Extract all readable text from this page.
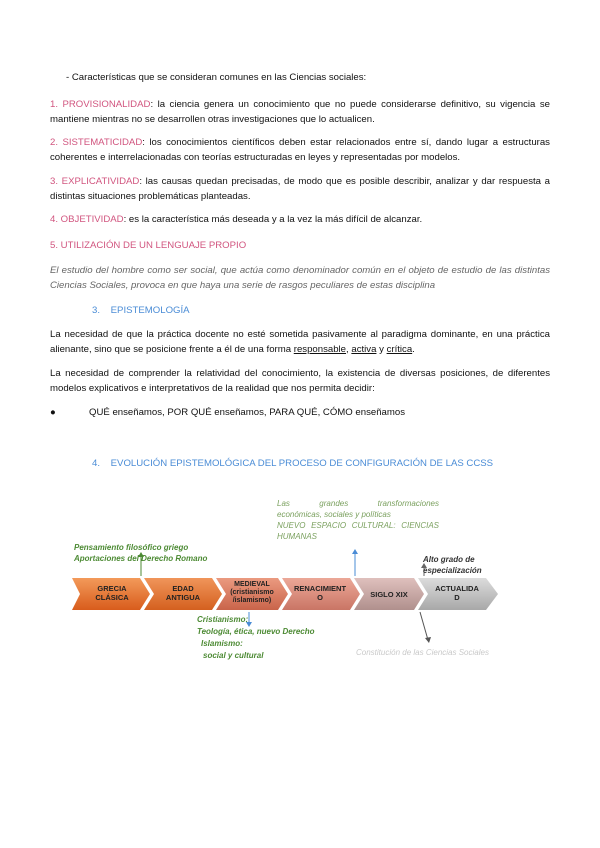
- Características que se consideran comunes en las Ciencias sociales:
1. PROVISIONALIDAD: la ciencia genera un conocimiento que no puede considerarse definitivo, su vigencia se mantiene mientras no se desarrollen otras investigaciones que lo actualicen.
2. SISTEMATICIDAD: los conocimientos científicos deben estar relacionados entre sí, dando lugar a estructuras coherentes e interrelacionadas con teorías estructuradas en leyes y representadas por modelos.
3. EXPLICATIVIDAD: las causas quedan precisadas, de modo que es posible describir, analizar y dar respuesta a distintas situaciones problemáticas planteadas.
4. OBJETIVIDAD: es la característica más deseada y a la vez la más difícil de alcanzar.
5. UTILIZACIÓN DE UN LENGUAJE PROPIO
El estudio del hombre como ser social, que actúa como denominador común en el objeto de estudio de las distintas Ciencias Sociales, provoca en que haya una serie de rasgos peculiares de estas disciplina
3.    EPISTEMOLOGÍA
La necesidad de que la práctica docente no esté sometida pasivamente al paradigma dominante, en una práctica alienante, sino que se posicione frente a él de una forma responsable, activa y crítica.
La necesidad de comprender la relatividad del conocimiento, la existencia de diversas posiciones, de diferentes modelos explicativos e interpretativos de la realidad que nos permita decidir:
●	QUÉ enseñamos, POR QUÉ enseñamos, PARA QUÉ, CÓMO enseñamos
4.    EVOLUCIÓN EPISTEMOLÓGICA DEL PROCESO DE CONFIGURACIÓN DE LAS CCSS
GRECIA CLÁSICA
EDAD ANTIGUA
MEDIEVAL (cristianismo /islamismo)
RENACIMIENT O	SIGLO XIX
ACTUALIDA D
Pensamiento filosófico griego
Aportaciones del Derecho Romano
Las grandes transformaciones
económicas, sociales y políticas
NUEVO ESPACIO CULTURAL: CIENCIAS
HUMANAS
Alto grado de
especialización
Cristianismo:
Teología, ética, nuevo Derecho
Islamismo:
social y cultural	Constitución de las Ciencias Sociales
